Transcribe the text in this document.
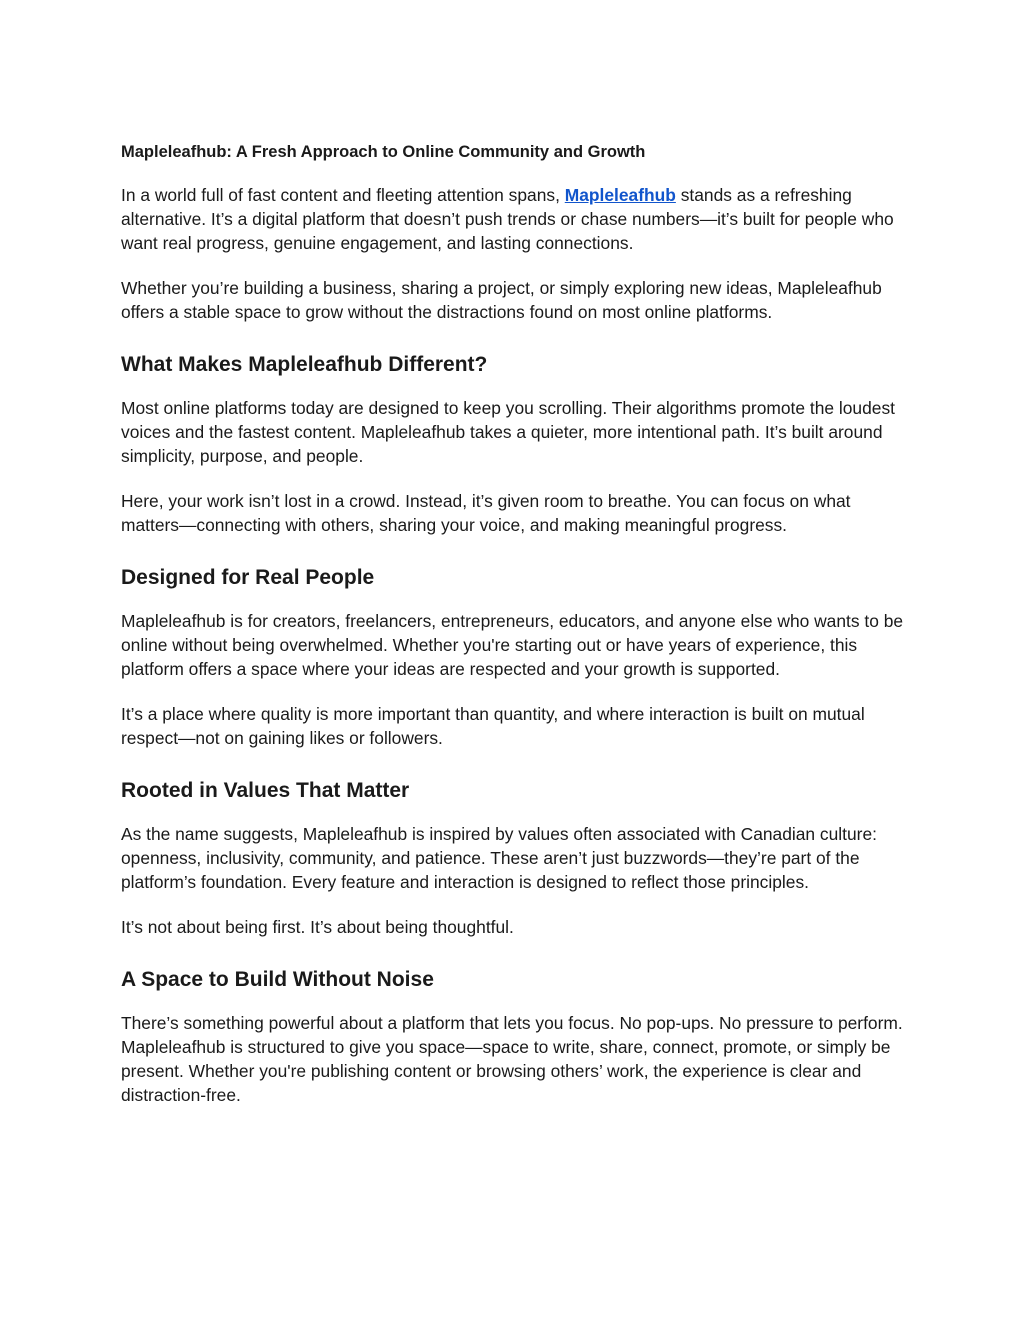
Mapleleafhub: A Fresh Approach to Online Community and Growth

In a world full of fast content and fleeting attention spans, Mapleleafhub stands as a refreshing alternative. It’s a digital platform that doesn’t push trends or chase numbers—it’s built for people who want real progress, genuine engagement, and lasting connections.

Whether you’re building a business, sharing a project, or simply exploring new ideas, Mapleleafhub offers a stable space to grow without the distractions found on most online platforms.

What Makes Mapleleafhub Different?

Most online platforms today are designed to keep you scrolling. Their algorithms promote the loudest voices and the fastest content. Mapleleafhub takes a quieter, more intentional path. It’s built around simplicity, purpose, and people.

Here, your work isn’t lost in a crowd. Instead, it’s given room to breathe. You can focus on what matters—connecting with others, sharing your voice, and making meaningful progress.

Designed for Real People

Mapleleafhub is for creators, freelancers, entrepreneurs, educators, and anyone else who wants to be online without being overwhelmed. Whether you're starting out or have years of experience, this platform offers a space where your ideas are respected and your growth is supported.

It’s a place where quality is more important than quantity, and where interaction is built on mutual respect—not on gaining likes or followers.

Rooted in Values That Matter

As the name suggests, Mapleleafhub is inspired by values often associated with Canadian culture: openness, inclusivity, community, and patience. These aren’t just buzzwords—they’re part of the platform’s foundation. Every feature and interaction is designed to reflect those principles.

It’s not about being first. It’s about being thoughtful.

A Space to Build Without Noise

There’s something powerful about a platform that lets you focus. No pop-ups. No pressure to perform. Mapleleafhub is structured to give you space—space to write, share, connect, promote, or simply be present. Whether you're publishing content or browsing others’ work, the experience is clear and distraction-free.
